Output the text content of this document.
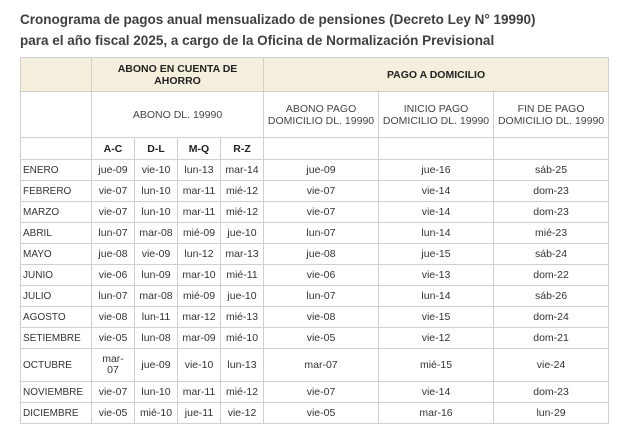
Cronograma de pagos anual mensualizado de pensiones (Decreto Ley N° 19990)
para el año fiscal 2025, a cargo de la Oficina de Normalización Previsional
	ABONO EN CUENTA DE AHORRO				PAGO A DOMICILIO		
	ABONO DL. 19990				ABONO PAGO DOMICILIO DL. 19990	INICIO PAGO DOMICILIO DL. 19990	FIN DE PAGO DOMICILIO DL. 19990
	A-C	D-L	M-Q	R-Z			
ENERO	jue-09	vie-10	lun-13	mar-14	jue-09	jue-16	sáb-25
FEBRERO	vie-07	lun-10	mar-11	mié-12	vie-07	vie-14	dom-23
MARZO	vie-07	lun-10	mar-11	mié-12	vie-07	vie-14	dom-23
ABRIL	lun-07	mar-08	mié-09	jue-10	lun-07	lun-14	mié-23
MAYO	jue-08	vie-09	lun-12	mar-13	jue-08	jue-15	sáb-24
JUNIO	vie-06	lun-09	mar-10	mié-11	vie-06	vie-13	dom-22
JULIO	lun-07	mar-08	mié-09	jue-10	lun-07	lun-14	sáb-26
AGOSTO	vie-08	lun-11	mar-12	mié-13	vie-08	vie-15	dom-24
SETIEMBRE	vie-05	lun-08	mar-09	mié-10	vie-05	vie-12	dom-21
OCTUBRE	mar-07	jue-09	vie-10	lun-13	mar-07	mié-15	vie-24
NOVIEMBRE	vie-07	lun-10	mar-11	mié-12	vie-07	vie-14	dom-23
DICIEMBRE	vie-05	mié-10	jue-11	vie-12	vie-05	mar-16	lun-29
